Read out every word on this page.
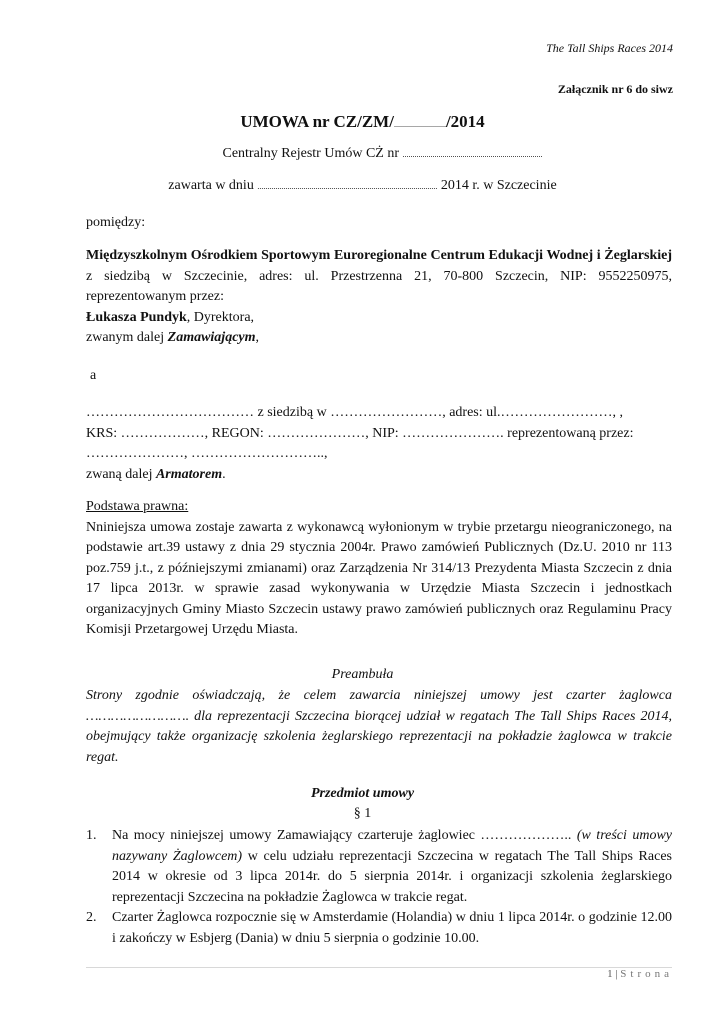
The Tall Ships Races 2014
Załącznik nr 6 do siwz
UMOWA nr CZ/ZM/........................../2014
Centralny Rejestr Umów CŻ nr ......................................................................
zawarta w dniu .......................................................................................... 2014 r. w Szczecinie
pomiędzy:
Międzyszkolnym Ośrodkiem Sportowym Euroregionalne Centrum Edukacji Wodnej i Żeglarskiej z siedzibą w Szczecinie, adres: ul. Przestrzenna 21, 70-800 Szczecin, NIP: 9552250975, reprezentowanym przez:
Łukasza Pundyk, Dyrektora,
zwanym dalej Zamawiającym,
a
……………………………… z siedzibą w ……………………, adres: ul.……………………, ,
KRS: ………………, REGON: …………………, NIP: …………………. reprezentowaną przez:
…………………, ………………………..,
zwaną dalej Armatorem.
Podstawa prawna:
Nniniejsza umowa zostaje zawarta z wykonawcą wyłonionym w trybie przetargu nieograniczonego, na podstawie art.39 ustawy z dnia 29 stycznia 2004r. Prawo zamówień Publicznych (Dz.U. 2010 nr 113 poz.759 j.t., z późniejszymi zmianami) oraz Zarządzenia Nr 314/13 Prezydenta Miasta Szczecin z dnia 17 lipca 2013r. w sprawie zasad wykonywania w Urzędzie Miasta Szczecin i jednostkach organizacyjnych Gminy Miasto Szczecin ustawy prawo zamówień publicznych oraz Regulaminu Pracy Komisji Przetargowej Urzędu Miasta.
Preambuła
Strony zgodnie oświadczają, że celem zawarcia niniejszej umowy jest czarter żaglowca ……………………. dla reprezentacji Szczecina biorącej udział w regatach The Tall Ships Races 2014, obejmujący także organizację szkolenia żeglarskiego reprezentacji na pokładzie żaglowca w trakcie regat.
Przedmiot umowy
§ 1
1.	Na mocy niniejszej umowy Zamawiający czarteruje żaglowiec ……………….. (w treści umowy nazywany Żaglowcem) w celu udziału reprezentacji Szczecina w regatach The Tall Ships Races 2014 w okresie od 3 lipca 2014r. do 5 sierpnia 2014r. i organizacji szkolenia żeglarskiego reprezentacji Szczecina na pokładzie Żaglowca w trakcie regat.
2.	Czarter Żaglowca rozpocznie się w Amsterdamie (Holandia) w dniu 1 lipca 2014r. o godzinie 12.00 i zakończy w Esbjerg (Dania) w dniu 5 sierpnia o godzinie 10.00.
1 | Strona
